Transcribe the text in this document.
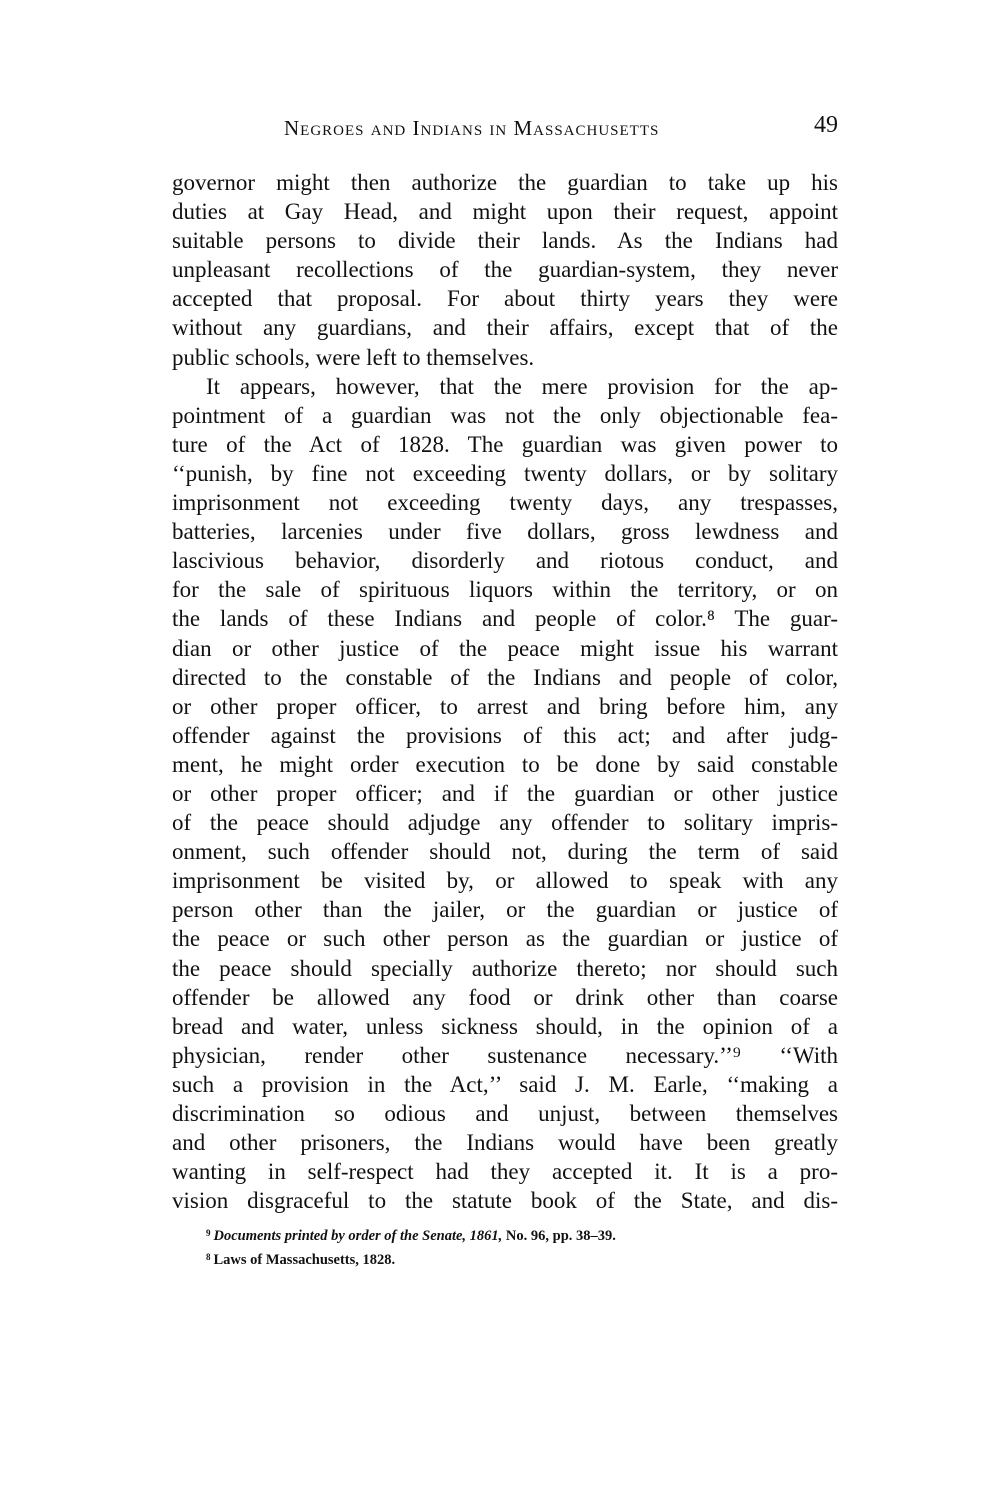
Negroes and Indians in Massachusetts	49
governor might then authorize the guardian to take up his
duties at Gay Head, and might upon their request, appoint
suitable persons to divide their lands. As the Indians had
unpleasant recollections of the guardian-system, they never
accepted that proposal. For about thirty years they were
without any guardians, and their affairs, except that of the
public schools, were left to themselves.
It appears, however, that the mere provision for the ap-
pointment of a guardian was not the only objectionable fea-
ture of the Act of 1828. The guardian was given power to
‘‘punish, by fine not exceeding twenty dollars, or by solitary
imprisonment not exceeding twenty days, any trespasses,
batteries, larcenies under five dollars, gross lewdness and
lascivious behavior, disorderly and riotous conduct, and
for the sale of spirituous liquors within the territory, or on
the lands of these Indians and people of color.⁸ The guar-
dian or other justice of the peace might issue his warrant
directed to the constable of the Indians and people of color,
or other proper officer, to arrest and bring before him, any
offender against the provisions of this act; and after judg-
ment, he might order execution to be done by said constable
or other proper officer; and if the guardian or other justice
of the peace should adjudge any offender to solitary impris-
onment, such offender should not, during the term of said
imprisonment be visited by, or allowed to speak with any
person other than the jailer, or the guardian or justice of
the peace or such other person as the guardian or justice of
the peace should specially authorize thereto; nor should such
offender be allowed any food or drink other than coarse
bread and water, unless sickness should, in the opinion of a
physician, render other sustenance necessary.’’⁹ ‘‘With
such a provision in the Act,’’ said J. M. Earle, ‘‘making a
discrimination so odious and unjust, between themselves
and other prisoners, the Indians would have been greatly
wanting in self-respect had they accepted it. It is a pro-
vision disgraceful to the statute book of the State, and dis-
$^9$ Documents printed by order of the Senate, 1861, No. 96, pp. 38–39.
$^8$ Laws of Massachusetts, 1828.
